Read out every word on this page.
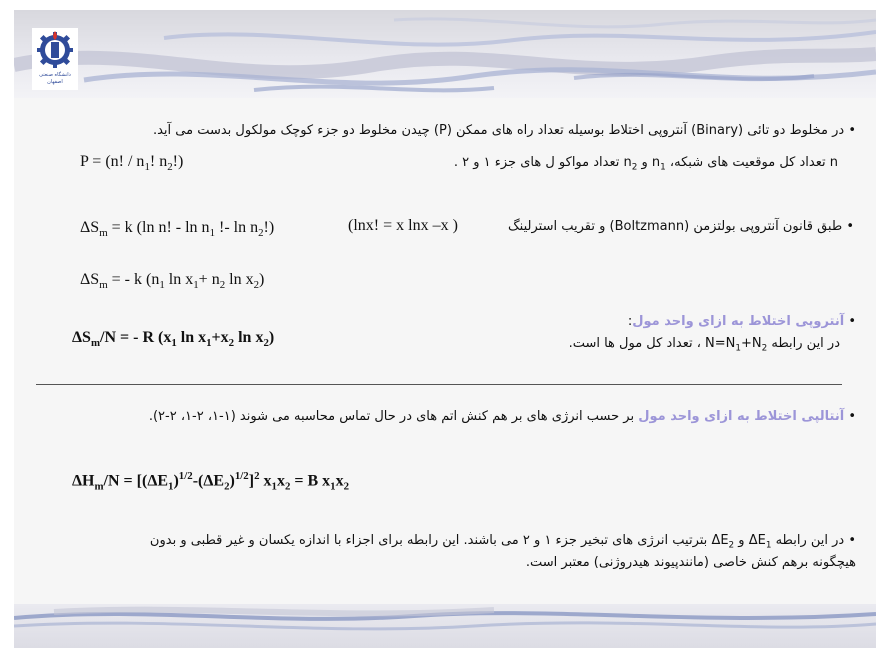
دانشگاه صنعتی
اصفهان
• در مخلوط دو تائی (Binary) آنتروپی اختلاط بوسیله تعداد راه های ممکن (P) چیدن مخلوط دو جزء کوچک مولکول بدست می آید.
P = (n! / $n_1$! $n_2$!)	n تعداد کل موقعیت های شبکه، $n_1$ و $n_2$ تعداد مواکو ل های جزء ۱ و ۲ .
$\Delta S_m = k$ (ln n! - $\ln n_1$ !- $\ln n_2$!)	(lnx! = x lnx –x )	• طبق قانون آنتروپی بولتزمن (Boltzmann) و تقریب استرلینگ
$\Delta S_m$ = - k ($n_1$ $\ln x_1+ n_2$ $\ln x_2$)
• آنتروپی اختلاط به ازای واحد مول:
در این رابطه $N=N_1+N_2$ ، تعداد کل مول ها است.
$\Delta S_m/N$ = - R ($x_1$ $\ln x_1+x_2$ $\ln x_2$)
• آنتالپی اختلاط به ازای واحد مول بر حسب انرژی های بر هم کنش اتم های در حال تماس محاسبه می شوند (۱-۱، ۲-۱، ۲-۲).
$\Delta H_m/N = [(\Delta E_1)^{1/2}-(\Delta E_2)^{1/2}]^2$ $x_1x_2 = B$ $x_1x_2$
• در این رابطه $\Delta E_1$ و $\Delta E_2$ بترتیب انرژی های تبخیر جزء ۱ و ۲ می باشند. این رابطه برای اجزاء با اندازه یکسان و غیر قطبی و بدون
هیچگونه برهم کنش خاصی (مانندپیوند هیدروژنی) معتبر است.
